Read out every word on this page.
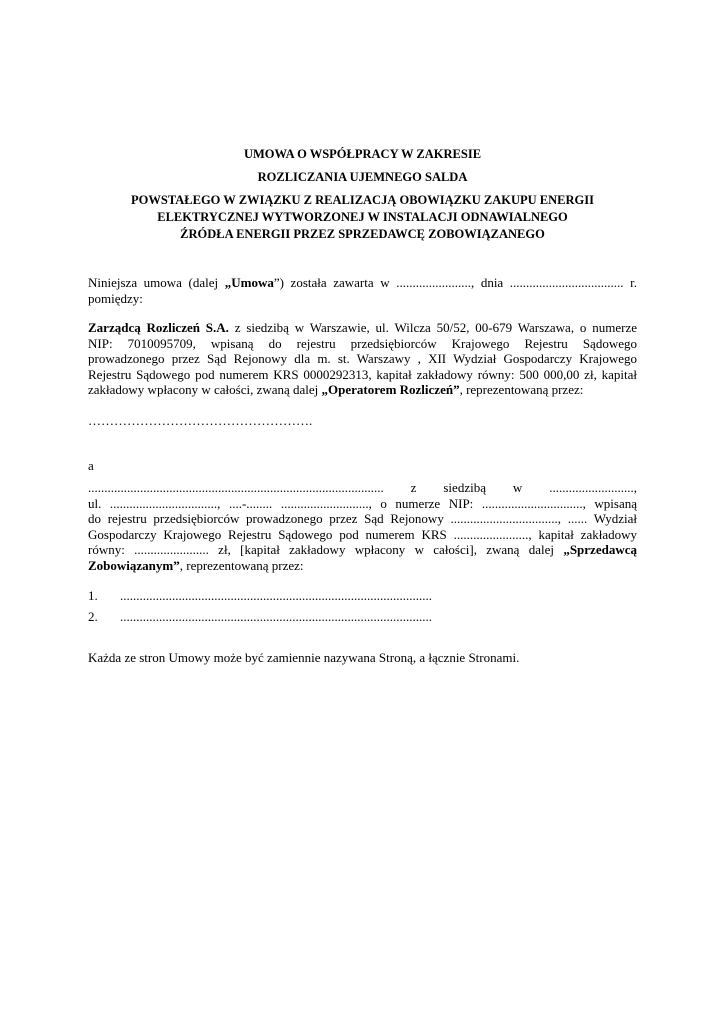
UMOWA O WSPÓŁPRACY W ZAKRESIE
ROZLICZANIA UJEMNEGO SALDA
POWSTAŁEGO W ZWIĄZKU Z REALIZACJĄ OBOWIĄZKU ZAKUPU ENERGII
ELEKTRYCZNEJ WYTWORZONEJ W INSTALACJI ODNAWIALNEGO
ŹRÓDŁA ENERGII PRZEZ SPRZEDAWCĘ ZOBOWIĄZANEGO
Niniejsza umowa (dalej „Umowa”) została zawarta w ......................., dnia ................................... r.
pomiędzy:
Zarządcą Rozliczeń S.A. z siedzibą w Warszawie, ul. Wilcza 50/52, 00-679 Warszawa, o numerze
NIP: 7010095709, wpisaną do rejestru przedsiębiorców Krajowego Rejestru Sądowego
prowadzonego przez Sąd Rejonowy dla m. st. Warszawy , XII Wydział Gospodarczy Krajowego
Rejestru Sądowego pod numerem KRS 0000292313, kapitał zakładowy równy: 500 000,00 zł, kapitał
zakładowy wpłacony w całości, zwaną dalej „Operatorem Rozliczeń”, reprezentowaną przez:
…………………………………………….
a
........................................................................................... z siedzibą w ..........................,
ul. ................................., ....-........ ..........................., o numerze NIP: ..............................., wpisaną
do rejestru przedsiębiorców prowadzonego przez Sąd Rejonowy ................................., ...... Wydział
Gospodarczy Krajowego Rejestru Sądowego pod numerem KRS ......................., kapitał zakładowy
równy: ....................... zł, [kapitał zakładowy wpłacony w całości], zwaną dalej „Sprzedawcą
Zobowiązanym”, reprezentowaną przez:
1. ................................................................................................
2. ................................................................................................
Każda ze stron Umowy może być zamiennie nazywana Stroną, a łącznie Stronami.
